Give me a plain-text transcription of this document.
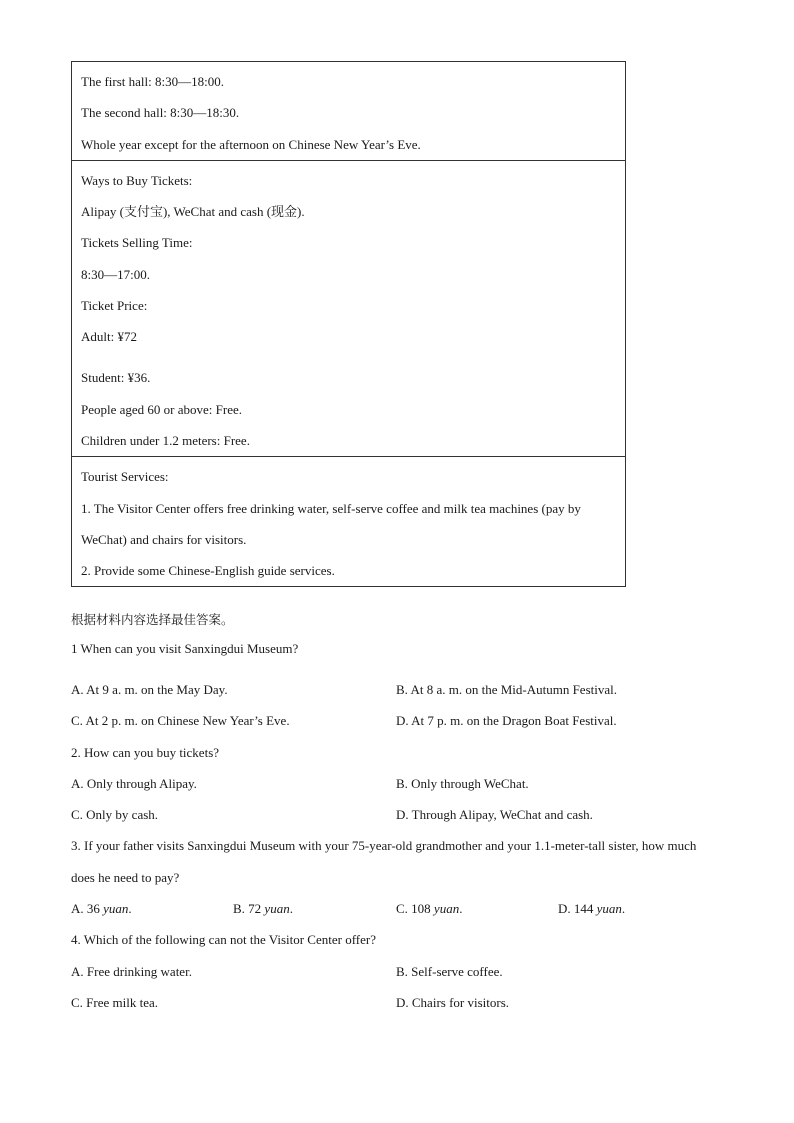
The first hall: 8:30—18:00.
The second hall: 8:30—18:30.
Whole year except for the afternoon on Chinese New Year’s Eve.
Ways to Buy Tickets:
Alipay (支付宝), WeChat and cash (现金).
Tickets Selling Time:
8:30—17:00.
Ticket Price:
Adult: ¥72
Student: ¥36.
People aged 60 or above: Free.
Children under 1.2 meters: Free.
Tourist Services:
1. The Visitor Center offers free drinking water, self-serve coffee and milk tea machines (pay by WeChat) and chairs for visitors.
2. Provide some Chinese-English guide services.
根据材料内容选择最佳答案。
1 When can you visit Sanxingdui Museum?
A. At 9 a. m. on the May Day.	B. At 8 a. m. on the Mid-Autumn Festival.
C. At 2 p. m. on Chinese New Year’s Eve.	D. At 7 p. m. on the Dragon Boat Festival.
2. How can you buy tickets?
A. Only through Alipay.	B. Only through WeChat.
C. Only by cash.	D. Through Alipay, WeChat and cash.
3. If your father visits Sanxingdui Museum with your 75-year-old grandmother and your 1.1-meter-tall sister, how much does he need to pay?
A. 36 yuan.	B. 72 yuan.	C. 108 yuan.	D. 144 yuan.
4. Which of the following can not the Visitor Center offer?
A. Free drinking water.	B. Self-serve coffee.
C. Free milk tea.	D. Chairs for visitors.
